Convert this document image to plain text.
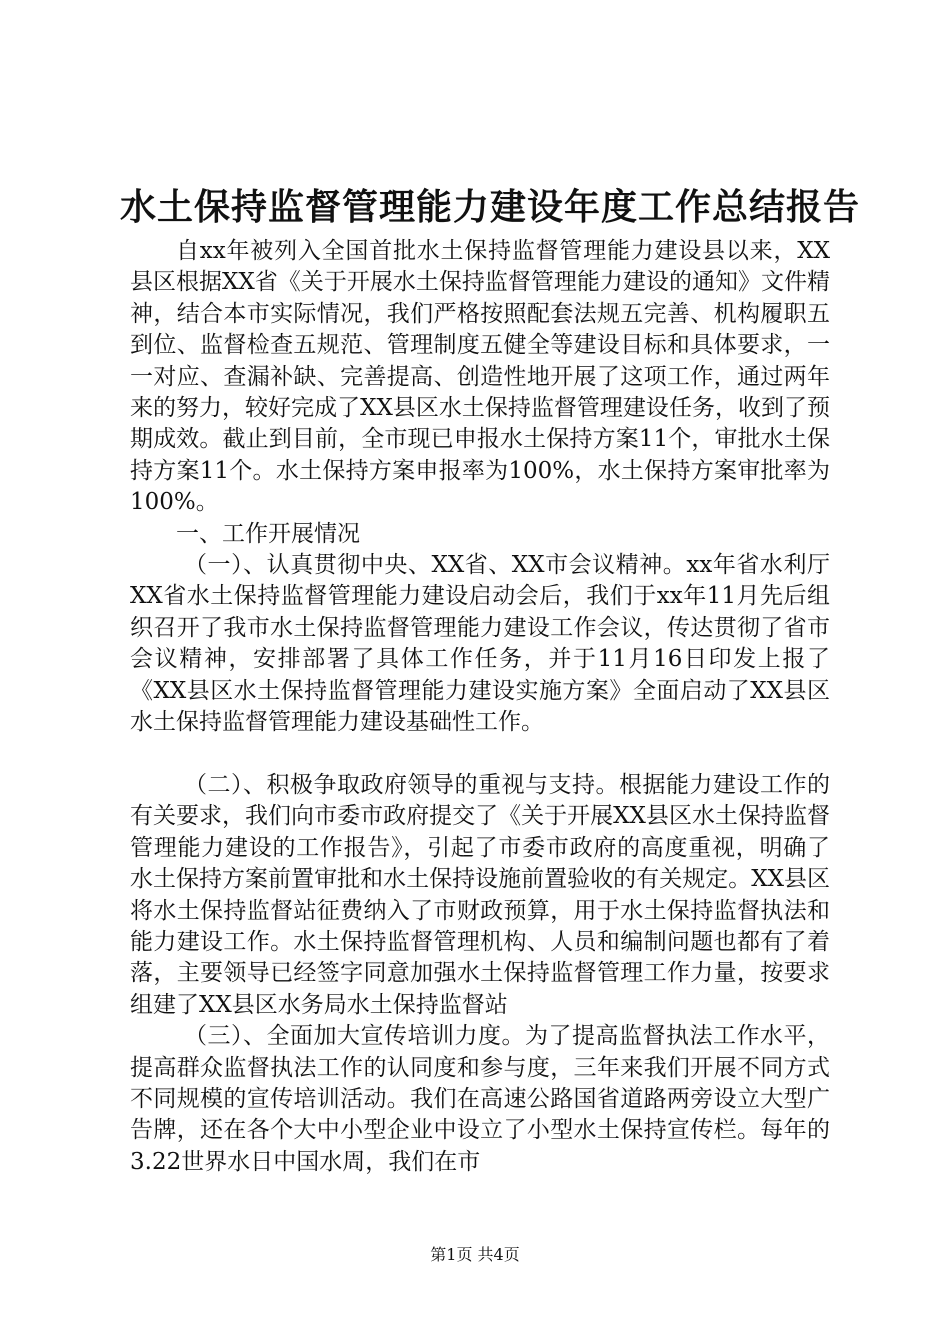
水土保持监督管理能力建设年度工作总结报告

自xx年被列入全国首批水土保持监督管理能力建设县以来，XX县区根据XX省《关于开展水土保持监督管理能力建设的通知》文件精神，结合本市实际情况，我们严格按照配套法规五完善、机构履职五到位、监督检查五规范、管理制度五健全等建设目标和具体要求，一一对应、查漏补缺、完善提高、创造性地开展了这项工作，通过两年来的努力，较好完成了XX县区水土保持监督管理建设任务，收到了预期成效。截止到目前，全市现已申报水土保持方案11个，审批水土保持方案11个。水土保持方案申报率为100%，水土保持方案审批率为100%。

一、工作开展情况

（一）、认真贯彻中央、XX省、XX市会议精神。xx年省水利厅XX省水土保持监督管理能力建设启动会后，我们于xx年11月先后组织召开了我市水土保持监督管理能力建设工作会议，传达贯彻了省市会议精神，安排部署了具体工作任务，并于11月16日印发上报了《XX县区水土保持监督管理能力建设实施方案》全面启动了XX县区水土保持监督管理能力建设基础性工作。

（二）、积极争取政府领导的重视与支持。根据能力建设工作的有关要求，我们向市委市政府提交了《关于开展XX县区水土保持监督管理能力建设的工作报告》，引起了市委市政府的高度重视，明确了水土保持方案前置审批和水土保持设施前置验收的有关规定。XX县区将水土保持监督站征费纳入了市财政预算，用于水土保持监督执法和能力建设工作。水土保持监督管理机构、人员和编制问题也都有了着落，主要领导已经签字同意加强水土保持监督管理工作力量，按要求组建了XX县区水务局水土保持监督站

（三）、全面加大宣传培训力度。为了提高监督执法工作水平，提高群众监督执法工作的认同度和参与度，三年来我们开展不同方式不同规模的宣传培训活动。我们在高速公路国省道路两旁设立大型广告牌，还在各个大中小型企业中设立了小型水土保持宣传栏。每年的3.22世界水日中国水周，我们在市

第1页 共4页
